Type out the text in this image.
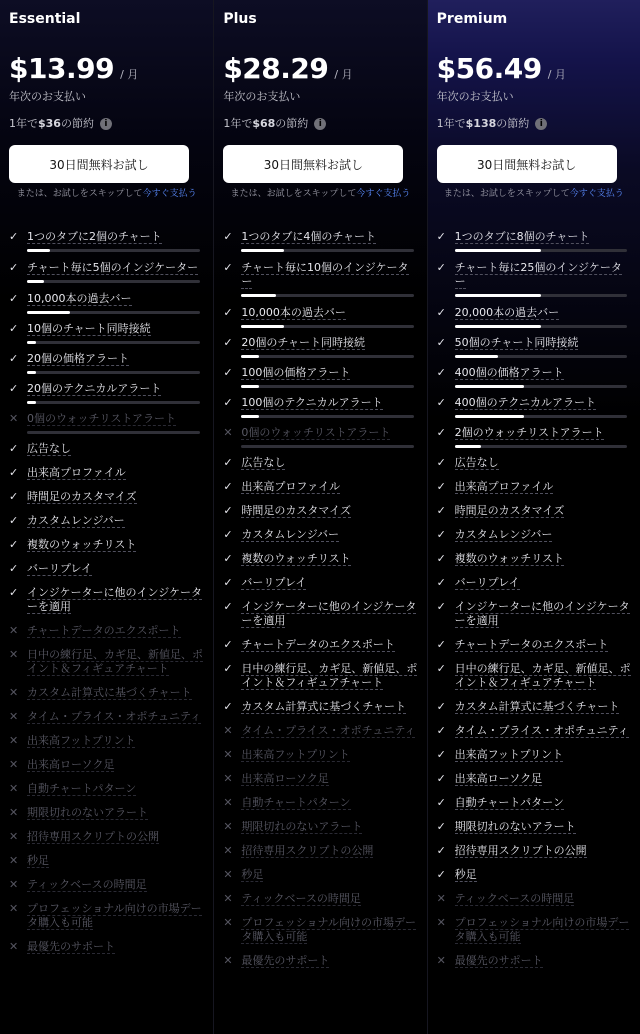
Essential
$13.99 / 月
年次のお支払い
1年で $36 の節約	i
30日間無料お試し
または、お試しをスキップして今すぐ支払う
✓ 1つのタブに2個のチャート
✓ チャート毎に5個のインジケーター
✓ 10,000本の過去バー
✓ 10個のチャート同時接続
✓ 20個の価格アラート
✓ 20個のテクニカルアラート
✕ 0個のウォッチリストアラート
✓ 広告なし
✓ 出来高プロファイル
✓ 時間足のカスタマイズ
✓ カスタムレンジバー
✓ 複数のウォッチリスト
✓ バーリプレイ
✓ インジケーターに他のインジケーターを適用
✕ チャートデータのエクスポート
✕ 日中の練行足、カギ足、新値足、ポイント＆フィギュアチャート
✕ カスタム計算式に基づくチャート
✕ タイム・プライス・オポチュニティ
✕ 出来高フットプリント
✕ 出来高ローソク足
✕ 自動チャートパターン
✕ 期限切れのないアラート
✕ 招待専用スクリプトの公開
✕ 秒足
✕ ティックベースの時間足
✕ プロフェッショナル向けの市場データ購入も可能
✕ 最優先のサポート
Plus
$28.29 / 月
年次のお支払い
1年で $68 の節約	i
30日間無料お試し
または、お試しをスキップして今すぐ支払う
✓ 1つのタブに4個のチャート
✓ チャート毎に10個のインジケーター
✓ 10,000本の過去バー
✓ 20個のチャート同時接続
✓ 100個の価格アラート
✓ 100個のテクニカルアラート
✕ 0個のウォッチリストアラート
✓ 広告なし
✓ 出来高プロファイル
✓ 時間足のカスタマイズ
✓ カスタムレンジバー
✓ 複数のウォッチリスト
✓ バーリプレイ
✓ インジケーターに他のインジケーターを適用
✓ チャートデータのエクスポート
✓ 日中の練行足、カギ足、新値足、ポイント＆フィギュアチャート
✓ カスタム計算式に基づくチャート
✕ タイム・プライス・オポチュニティ
✕ 出来高フットプリント
✕ 出来高ローソク足
✕ 自動チャートパターン
✕ 期限切れのないアラート
✕ 招待専用スクリプトの公開
✕ 秒足
✕ ティックベースの時間足
✕ プロフェッショナル向けの市場データ購入も可能
✕ 最優先のサポート
Premium
$56.49 / 月
年次のお支払い
1年で $138 の節約	i
30日間無料お試し
または、お試しをスキップして今すぐ支払う
✓ 1つのタブに8個のチャート
✓ チャート毎に25個のインジケーター
✓ 20,000本の過去バー
✓ 50個のチャート同時接続
✓ 400個の価格アラート
✓ 400個のテクニカルアラート
✓ 2個のウォッチリストアラート
✓ 広告なし
✓ 出来高プロファイル
✓ 時間足のカスタマイズ
✓ カスタムレンジバー
✓ 複数のウォッチリスト
✓ バーリプレイ
✓ インジケーターに他のインジケーターを適用
✓ チャートデータのエクスポート
✓ 日中の練行足、カギ足、新値足、ポイント＆フィギュアチャート
✓ カスタム計算式に基づくチャート
✓ タイム・プライス・オポチュニティ
✓ 出来高フットプリント
✓ 出来高ローソク足
✓ 自動チャートパターン
✓ 期限切れのないアラート
✓ 招待専用スクリプトの公開
✓ 秒足
✕ ティックベースの時間足
✕ プロフェッショナル向けの市場データ購入も可能
✕ 最優先のサポート
